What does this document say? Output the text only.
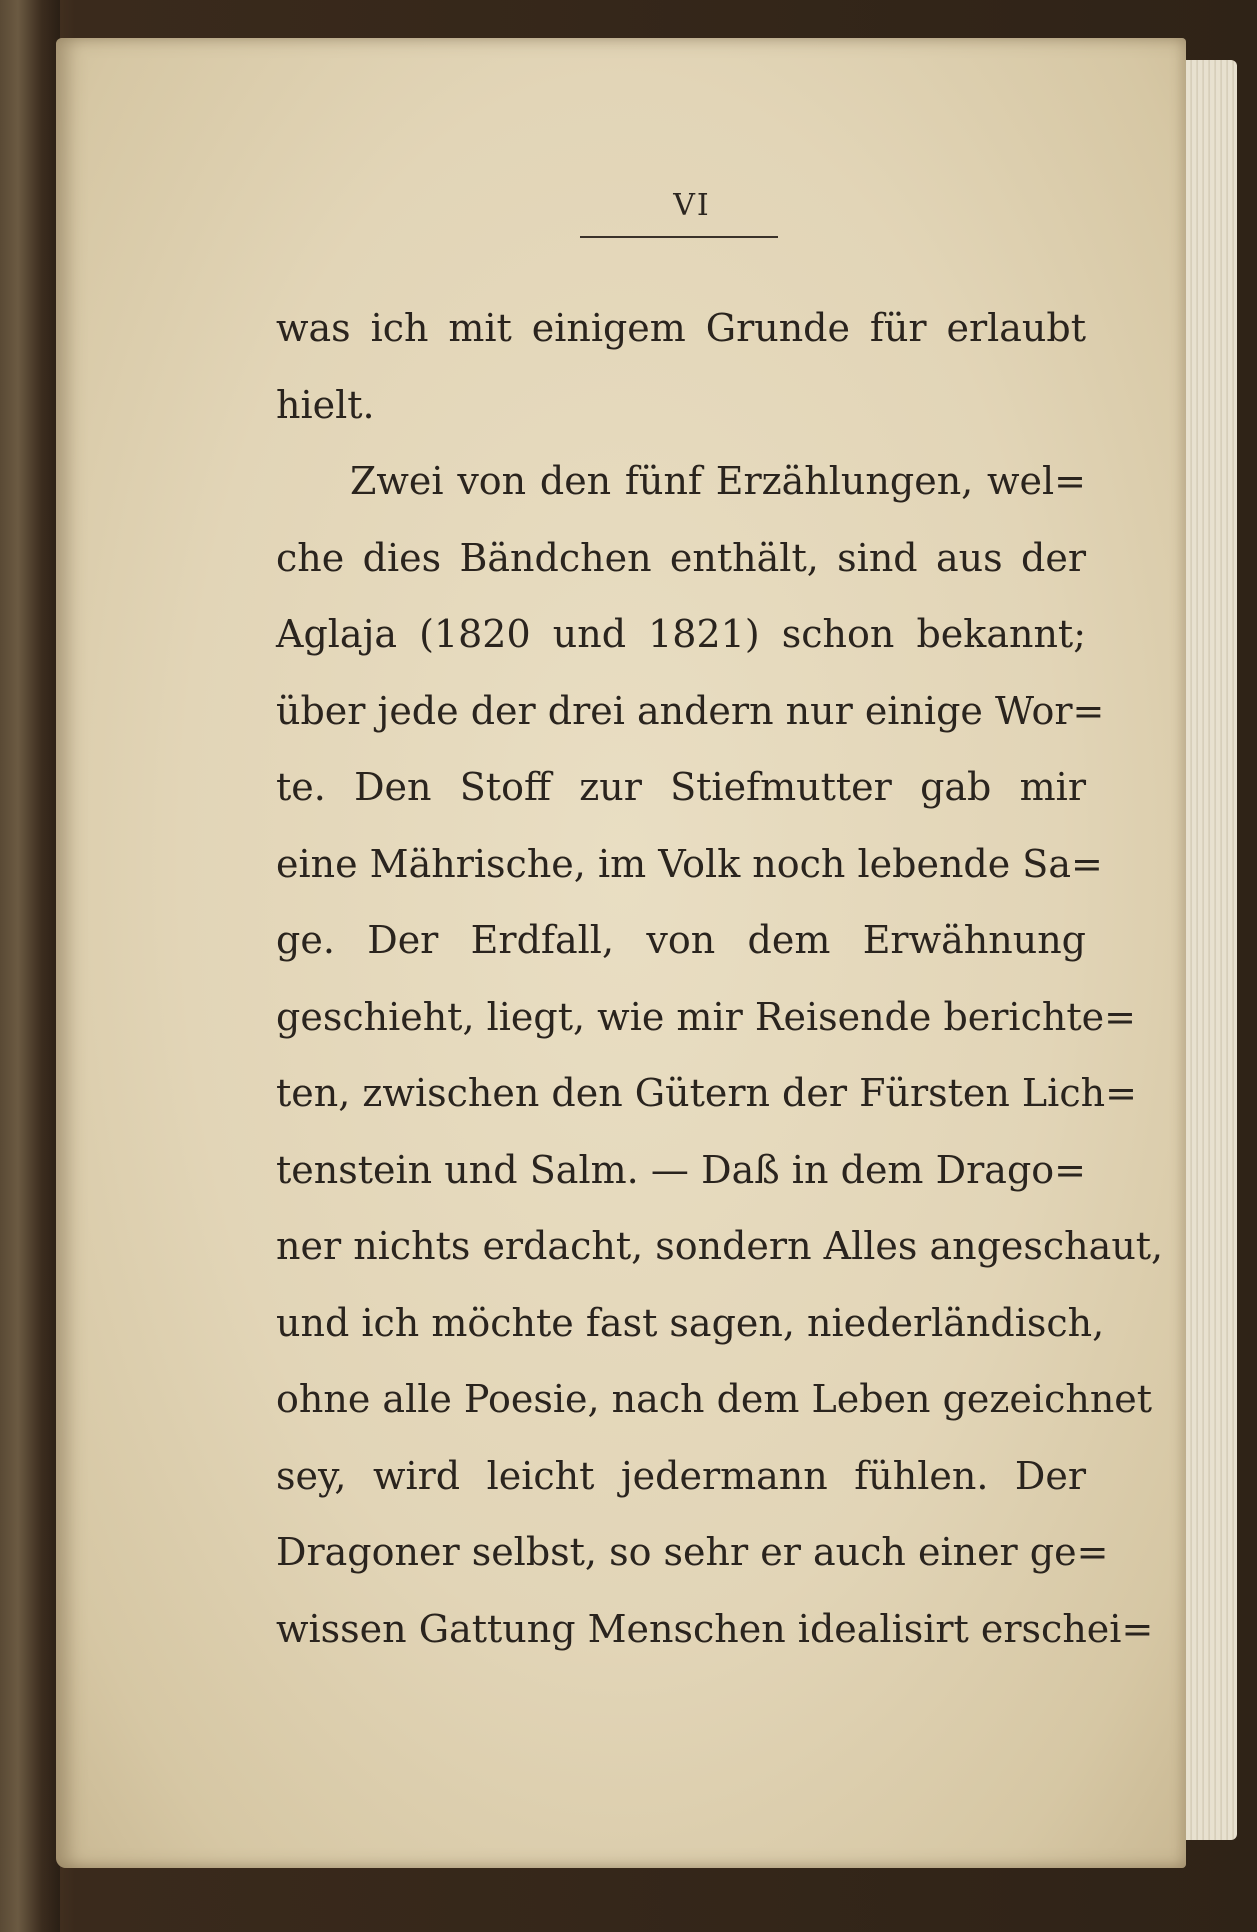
VI
was ich mit einigem Grunde für erlaubt
hielt.
Zwei von den fünf Erzählungen, wel=
che dies Bändchen enthält, sind aus der
Aglaja (1820 und 1821) schon bekannt;
über jede der drei andern nur einige Wor=
te. Den Stoff zur Stiefmutter gab mir
eine Mährische, im Volk noch lebende Sa=
ge. Der Erdfall, von dem Erwähnung
geschieht, liegt, wie mir Reisende berichte=
ten, zwischen den Gütern der Fürsten Lich=
tenstein und Salm. — Daß in dem Drago=
ner nichts erdacht, sondern Alles angeschaut,
und ich möchte fast sagen, niederländisch,
ohne alle Poesie, nach dem Leben gezeichnet
sey, wird leicht jedermann fühlen. Der
Dragoner selbst, so sehr er auch einer ge=
wissen Gattung Menschen idealisirt erschei=
